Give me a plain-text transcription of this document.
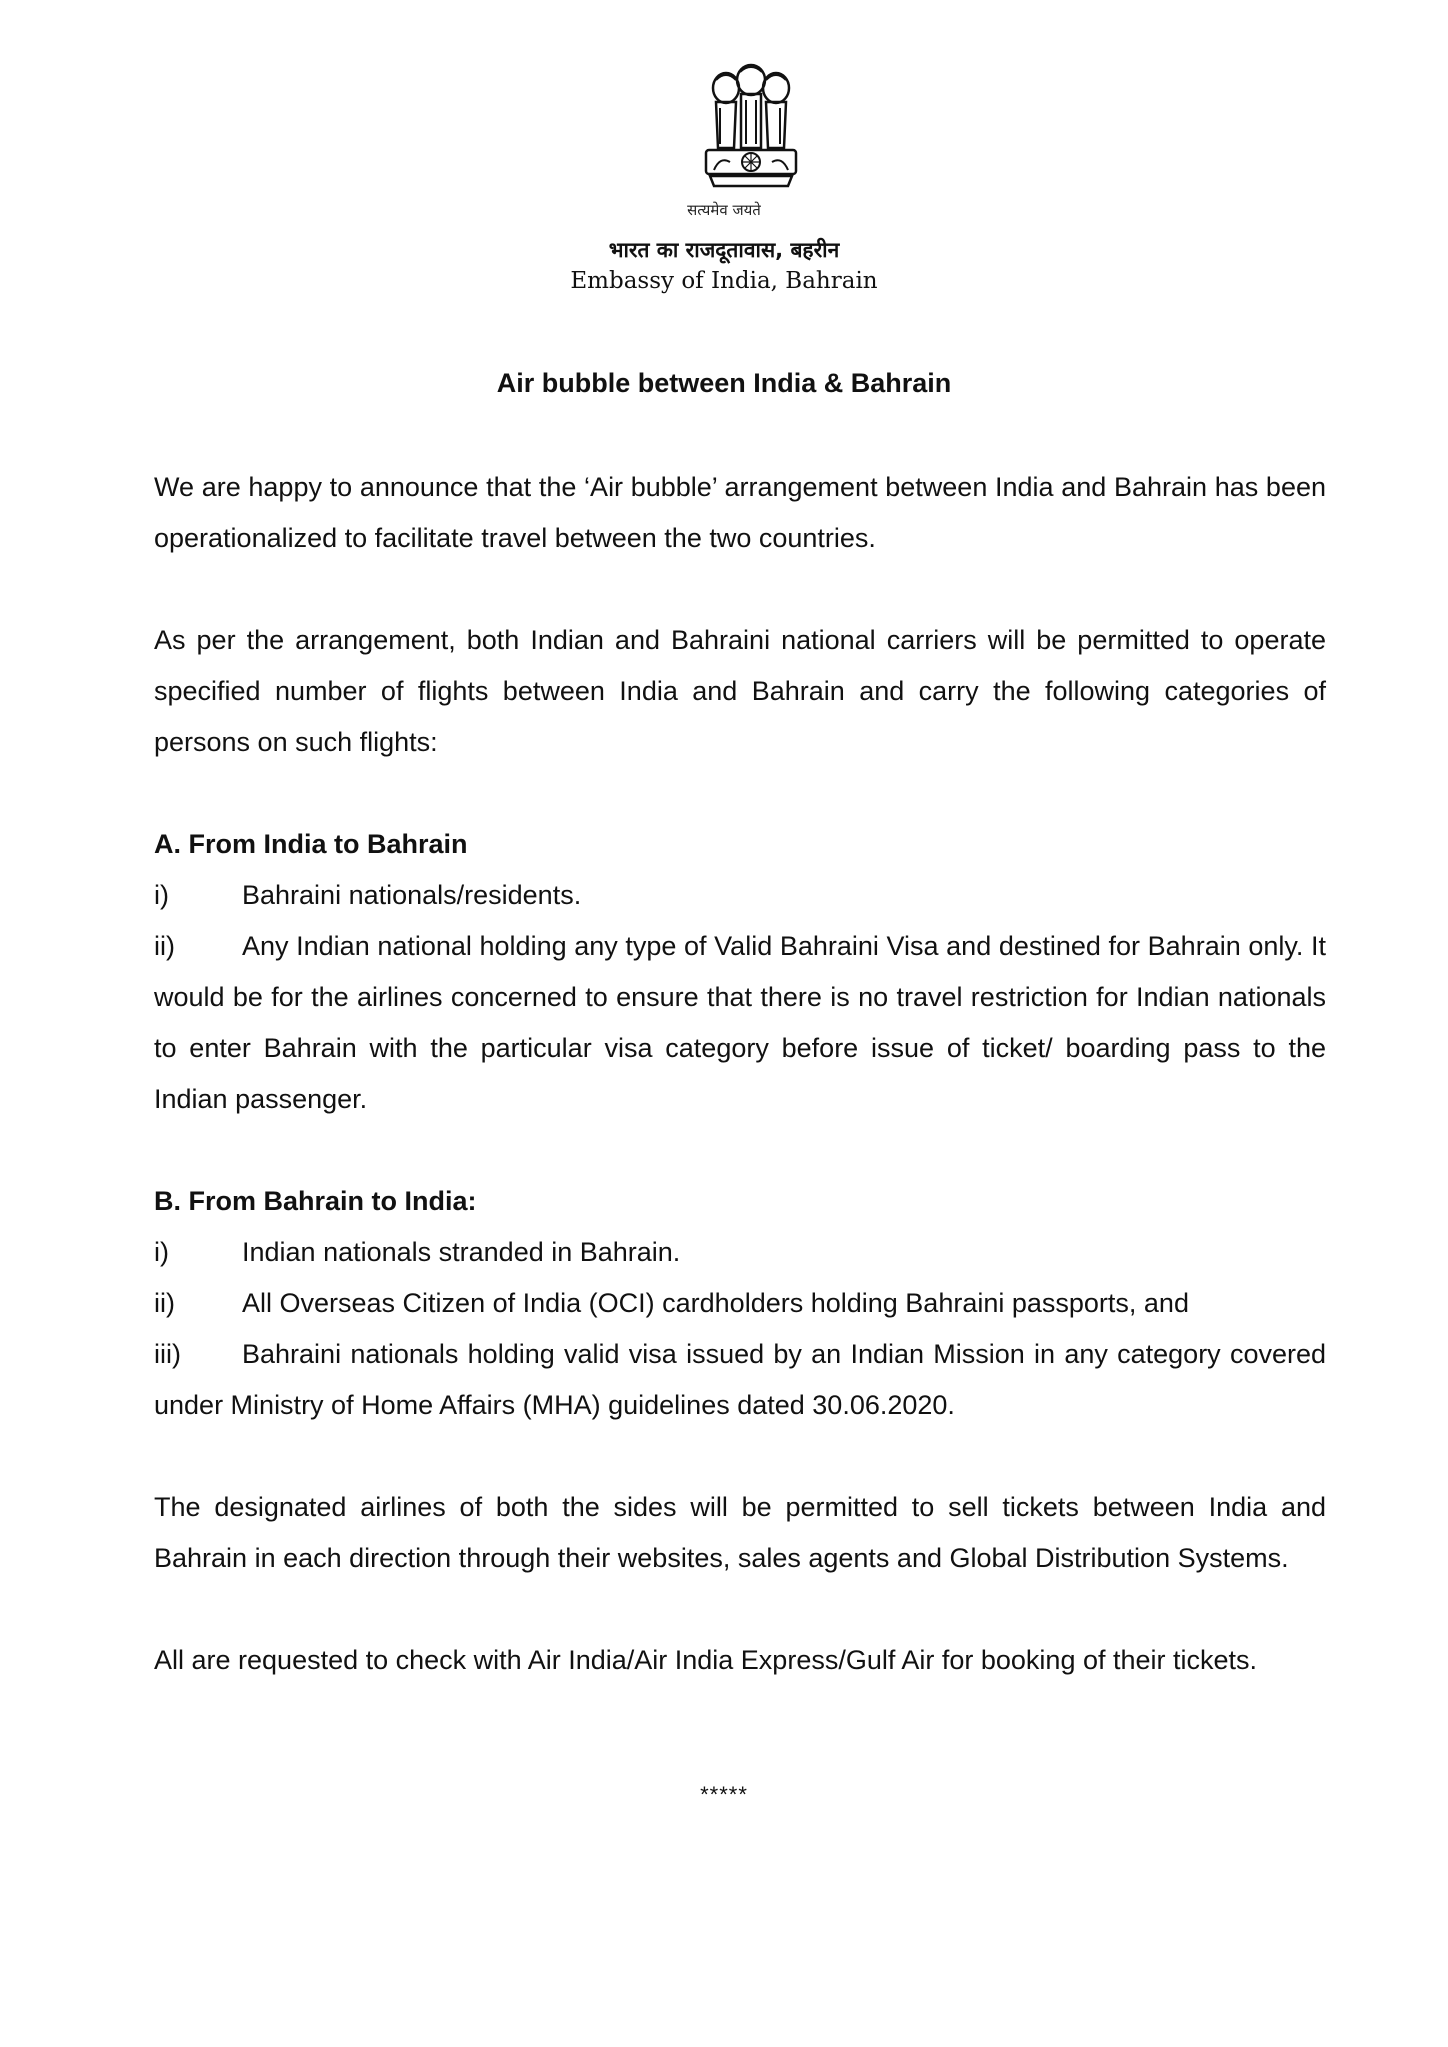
सत्यमेव जयते
भारत का राजदूतावास, बहरीन
Embassy of India, Bahrain
Air bubble between India & Bahrain

We are happy to announce that the ‘Air bubble’ arrangement between India and Bahrain has been operationalized to facilitate travel between the two countries.

As per the arrangement, both Indian and Bahraini national carriers will be permitted to operate specified number of flights between India and Bahrain and carry the following categories of persons on such flights:

A. From India to Bahrain
i)	Bahraini nationals/residents.
ii) Any Indian national holding any type of Valid Bahraini Visa and destined for Bahrain only. It would be for the airlines concerned to ensure that there is no travel restriction for Indian nationals to enter Bahrain with the particular visa category before issue of ticket/ boarding pass to the Indian passenger.
B. From Bahrain to India:
i)	Indian nationals stranded in Bahrain.
ii) All Overseas Citizen of India (OCI) cardholders holding Bahraini passports, and
iii) Bahraini nationals holding valid visa issued by an Indian Mission in any category covered under Ministry of Home Affairs (MHA) guidelines dated 30.06.2020.

The designated airlines of both the sides will be permitted to sell tickets between India and Bahrain in each direction through their websites, sales agents and Global Distribution Systems.

All are requested to check with Air India/Air India Express/Gulf Air for booking of their tickets.

*****
